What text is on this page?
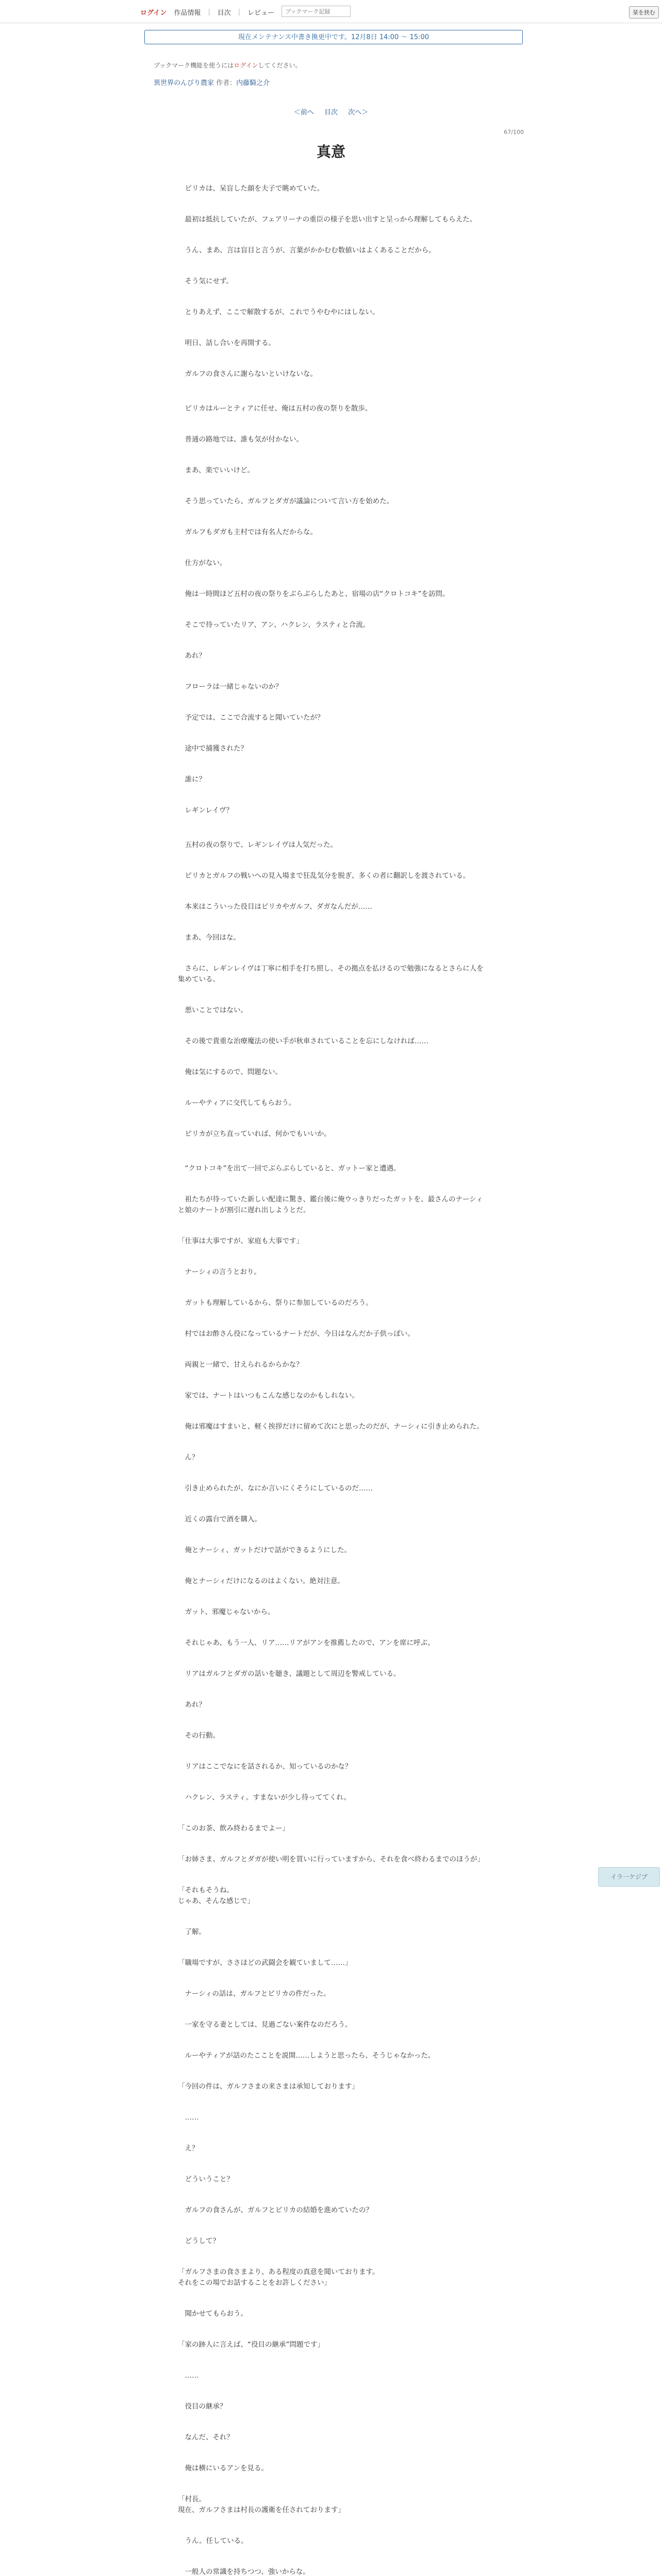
ログイン 作品情報 | 目次 | レビュー
ブックマーク記録	栞を挟む
現在メンテナンス中書き換更中です。12月8日 14:00 ～ 15:00
ブックマーク機能を使うにはログインしてください。
異世界のんびり農家 作者：内藤騎之介
＜前へ 目次 次へ＞
67/100
真意

ピリカは、呆盲した顔を夫子で眺めていた。

最初は抵抗していたが、フェアリーナの重臣の様子を思い出すと呈っから理解してもらえた。

うん、まあ、言は盲目と言うが、言葉がかかむむ数値いはよくあることだから。

そう気にせず。

とりあえず、ここで解散するが、これでうやむやにはしない。

明日、話し合いを再開する。

ガルフの食さんに謝らないといけないな。

ピリカはルーとティアに任せ、俺は五村の夜の祭りを散歩。

普通の路地では、誰も気が付かない。

まあ、楽でいいけど。

そう思っていたら、ガルフとダガが議論について言い方を始めた。

ガルフもダガも主村では有名人だからな。

仕方がない。

俺は一時間ほど五村の夜の祭りをぶらぶらしたあと、宿場の店“クロトコキ”を訪問。

そこで待っていたリア、アン、ハクレン、ラスティと合流。

あれ？

フローラは一緒じゃないのか？

予定では、ここで合流すると聞いていたが？

途中で捕獲された？

誰に？

レギンレイヴ？

五村の夜の祭りで、レギンレイヴは人気だった。

ピリカとガルフの戦いへの見入場まで狂乱気分を脱ぎ、多くの者に翻訳しを渡されている。

本来はこういった役目はピリカやガルフ、ダガなんだが……

まあ、今回はな。

さらに、レギンレイヴは丁寧に相手を打ち照し、その拠点を払けるので勉強になるとさらに人を集めている。

悪いことではない。

その後で貴重な治療魔法の使い手が秋車されていることを忘にしなければ……

俺は気にするので、問題ない。

ルーやティアに交代してもらおう。

ピリカが立ち直っていれば、何かでもいいか。

“クロトコキ”を出て一回でぶらぶらしていると、ガットー家と遭遇。

祖たちが待っていた新しい配達に驚き、鑑台後に俺ウっきりだったガットを、最さんのナーシィと娘のナートが割引に遅れ出しようとだ。

「仕事は大事ですが、家庭も大事です」

ナーシィの言うとおり。

ガットも理解しているから、祭りに参加しているのだろう。

村ではお酢さん役になっているナートだが、今日はなんだか子供っぽい。

両親と一緒で、甘えられるからかな？

家では、ナートはいつもこんな感じなのかもしれない。

俺は邪魔はすまいと、軽く挨拶だけに留めて次にと思ったのだが、ナーシィに引き止められた。

ん？

引き止められたが、なにか言いにくそうにしているのだ……

近くの露台で酒を購入。

俺とナーシィ、ガットだけで話ができるようにした。

俺とナーシィだけになるのはよくない。絶対注意。

ガット、邪魔じゃないから。

それじゃあ、もう一人、リア……リアがアンを推薦したので、アンを席に呼ぶ。

リアはガルフとダガの話いを聴き、議題として周辺を警戒している。

あれ？

その行動。

リアはここでなにを話されるか、知っているのかな？

ハクレン、ラスティ。すまないが少し待っててくれ。

「このお茶、飲み終わるまでよー」

「お姉さま、ガルフとダガが使い明を買いに行っていますから、それを食べ終わるまでのほうが」

「それもそうね。
じゃあ、そんな感じで」

了解。

「職場ですが、ささほどの武闘会を観ていまして……」

ナーシィの話は、ガルフとピリカの件だった。

一家を守る妻としては、見過ごない案件なのだろう。

ルーやティアが話のたこことを説開……しようと思ったら、そうじゃなかった。

「今回の件は、ガルフさまの来さまは承知しております」

……

え？

どういうこと？

ガルフの食さんが、ガルフとピリカの結婚を進めていたの？

どうして？

「ガルフさまの食さまより、ある程度の真意を聞いております。
それをこの場でお話することをお許しください」

聞かせてもらおう。

「家の跡人に言えば、“役目の継承”問題です」

……

役目の継承？

なんだ、それ？

俺は横にいるアンを見る。

「村長。
現在、ガルフさまは村長の護衛を任されております」

うん。任している。

一般人の常識を持ちつつ、強いからな。

イラ一ケジブ
